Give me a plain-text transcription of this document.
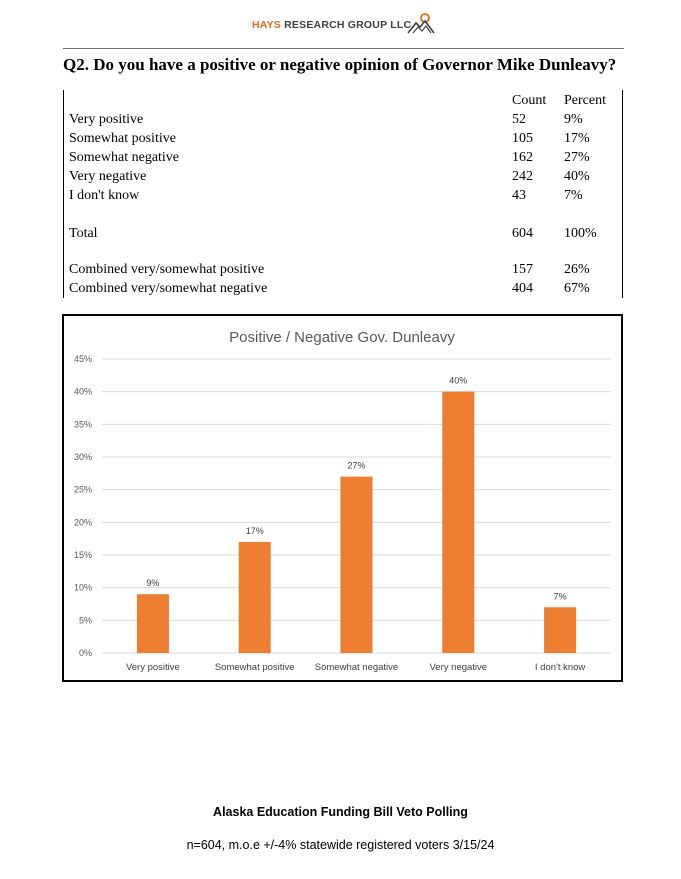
HAYS RESEARCH GROUP LLC
Q2. Do you have a positive or negative opinion of Governor Mike Dunleavy?
Count Percent
Very positive	52	9%
Somewhat positive	105 17%
Somewhat negative	162 27%
Very negative	242 40%
I don't know	43	7%
Total	604 100%
Combined very/somewhat positive	157 26%
Combined very/somewhat negative	404 67%
Positive / Negative Gov. Dunleavy
0%
5%
10%
15%
20%
25%
30%
35%
40%
45%
9%
17%
27%
40%
7%
Very positive	Somewhat positive Somewhat negative	Very negative	I don't know
Alaska Education Funding Bill Veto Polling
n=604, m.o.e +/-4% statewide registered voters 3/15/24
